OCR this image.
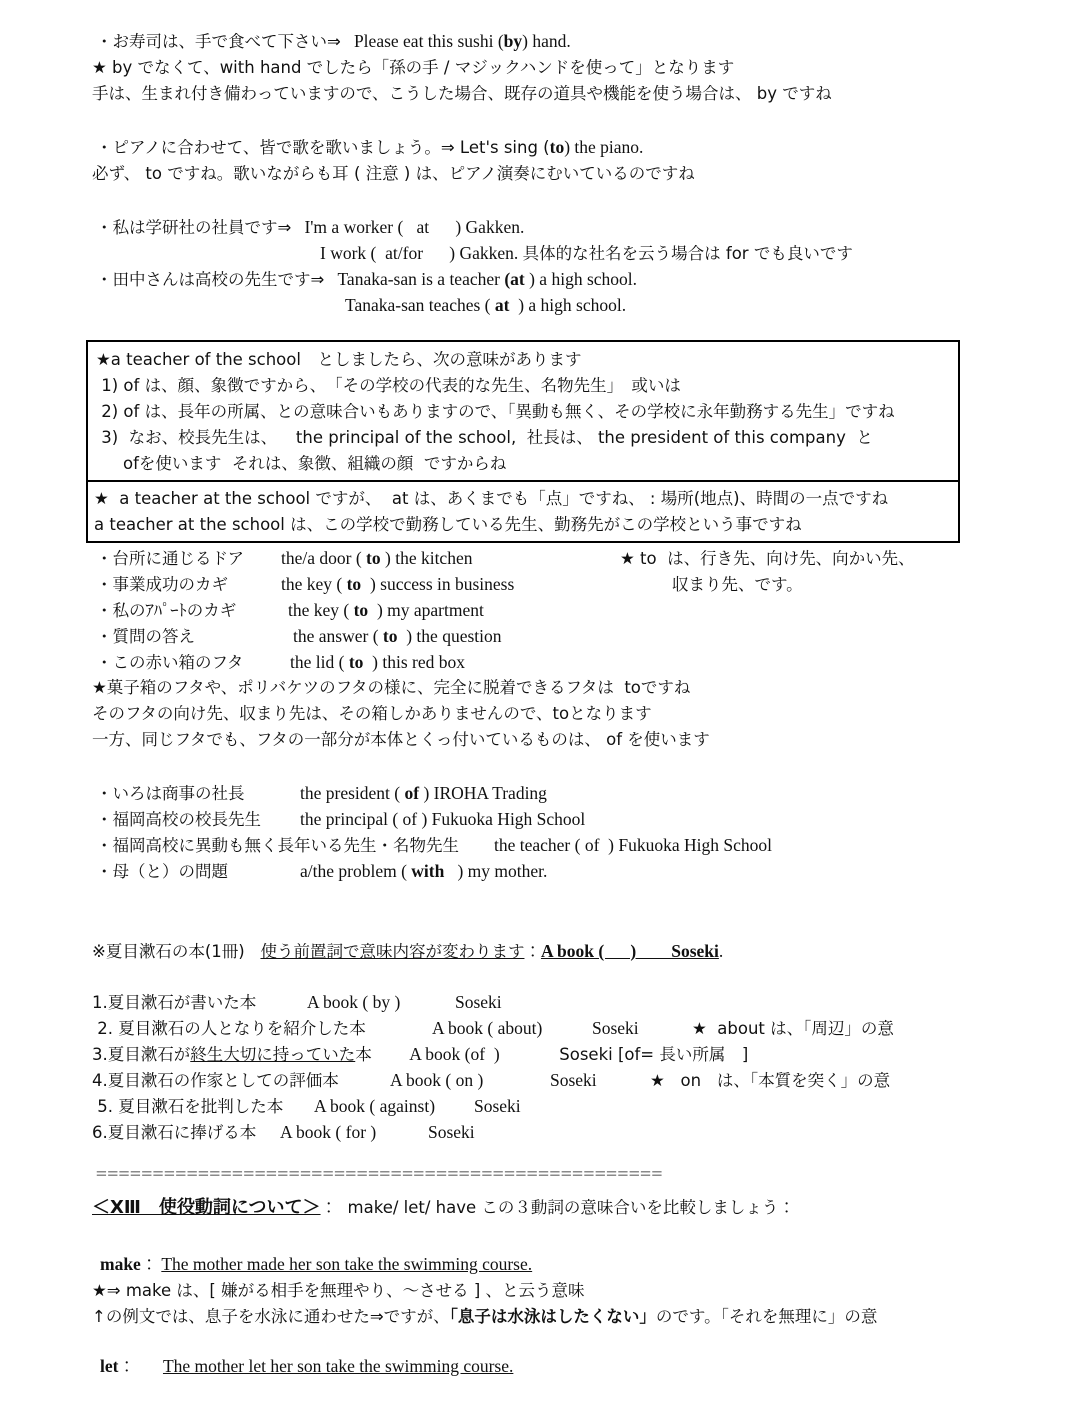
・お寿司は、手で食べて下さい⇒ Please eat this sushi (by) hand.
★ by でなくて、with hand でしたら「孫の手 / マジックハンドを使って」となります
手は、生まれ付き備わっていますので、こうした場合、既存の道具や機能を使う場合は、 by ですね
・ピアノに合わせて、皆で歌を歌いましょう。⇒ Let's sing (to) the piano.
必ず、 to ですね。歌いながらも耳 ( 注意 ) は、ピアノ演奏にむいているのですね
・私は学研社の社員です⇒ I'm a worker (   at      ) Gakken.
I work (  at/for      ) Gakken. 具体的な社名を云う場合は for でも良いです
・田中さんは高校の先生です⇒ Tanaka-san is a teacher (at ) a high school.
Tanaka-san teaches ( at ) a high school.
★a teacher of the school　としましたら、次の意味があります
1) of は、顔、象徴ですから、　「その学校の代表的な先生、名物先生」　或いは
2) of は、長年の所属、との意味合いもありますので、「異動も無く、その学校に永年勤務する先生」ですね
3)  なお、校長先生は、　  the principal of the school,  社長は、 the president of this company  と
　  ofを使います  それは、象徴、組織の顔  ですからね
★  a teacher at the school ですが、  at は、あくまでも「点」ですね、 : 場所(地点)、時間の一点ですね
a teacher at the school は、この学校で勤務している先生、勤務先がこの学校という事ですね
・台所に通じるドア the/a door ( to ) the kitchen
・事業成功のカギ	the key ( to ) success in business
・私のｱﾊﾟｰﾄのカギ	the key ( to ) my apartment
・質問の答え	the answer ( to ) the question
・この赤い箱のフタ	the lid ( to ) this red box
★ to  は、行き先、向け先、向かい先、
収まり先、です。
★菓子箱のフタや、ポリバケツのフタの様に、完全に脱着できるフタは  toですね
そのフタの向け先、収まり先は、その箱しかありませんので、toとなります
一方、同じフタでも、フタの一部分が本体とくっ付いているものは、 of を使います
・いろは商事の社長	the president ( of ) IROHA Trading
・福岡高校の校長先生 the principal ( of ) Fukuoka High School
・福岡高校に異動も無く長年いる先生・名物先生 the teacher ( of  ) Fukuoka High School
・母（と）の問題	a/the problem ( with ) my mother.
※夏目漱石の本(1冊) 使う前置詞で意味内容が変わります：A book (      )        Soseki.
1.夏目漱石が書いた本	A book ( by )	Soseki
2. 夏目漱石の人となりを紹介した本	A book ( about)	Soseki	★  about は、「周辺」の意
3.夏目漱石が終生大切に持っていた本 A book (of  )	Soseki [of= 長い所属　]
4.夏目漱石の作家としての評価本	A book ( on )	Soseki	★   on   は、「本質を突く」の意
5. 夏目漱石を批判した本 A book ( against) Soseki
6.夏目漱石に捧げる本 A book ( for )	Soseki
==================================================
＜ⅩⅢ　使役動詞について＞：  make/ let/ have この３動詞の意味合いを比較しましょう：
make： The mother made her son take the swimming course.
★⇒ make は、[ 嫌がる相手を無理やり、〜させる ] 、と云う意味
↑の例文では、息子を水泳に通わせた⇒ですが、「息子は水泳はしたくない」のです。「それを無理に」の意
let： The mother let her son take the swimming course.
